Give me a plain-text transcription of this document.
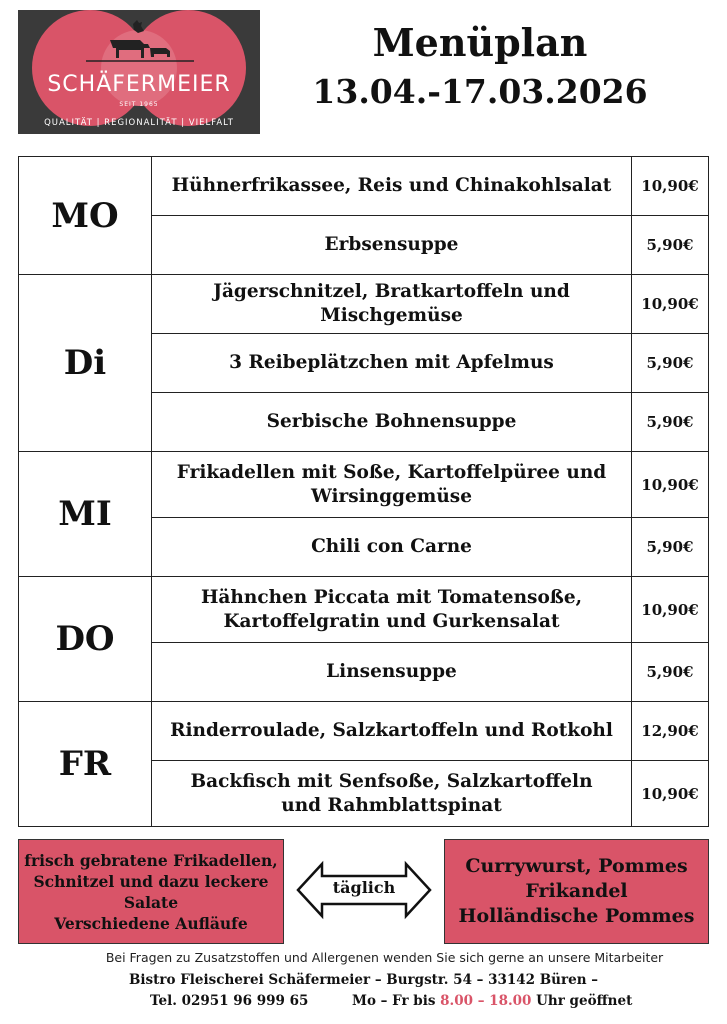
SCHÄFERMEIER
SEIT 1965
QUALITÄT | REGIONALITÄT | VIELFALT
Menüplan
13.04.-17.03.2026
MO	Hühnerfrikassee, Reis und Chinakohlsalat	10,90€
	Erbsensuppe	5,90€
Di	Jägerschnitzel, Bratkartoffeln und Mischgemüse	10,90€
	3 Reibeplätzchen mit Apfelmus	5,90€
	Serbische Bohnensuppe	5,90€
MI	Frikadellen mit Soße, Kartoffelpüree und Wirsinggemüse	10,90€
	Chili con Carne	5,90€
DO	Hähnchen Piccata mit Tomatensoße, Kartoffelgratin und Gurkensalat	10,90€
	Linsensuppe	5,90€
FR	Rinderroulade, Salzkartoffeln und Rotkohl	12,90€
	Backfisch mit Senfsoße, Salzkartoffeln und Rahmblattspinat	10,90€
frisch gebratene Frikadellen,
Schnitzel und dazu leckere
Salate
Verschiedene Aufläufe
täglich
Currywurst, Pommes
Frikandel
Holländische Pommes
Bei Fragen zu Zusatzstoffen und Allergenen wenden Sie sich gerne an unsere Mitarbeiter
Bistro Fleischerei Schäfermeier – Burgstr. 54 – 33142 Büren –
Tel. 02951 96 999 65	Mo – Fr bis 8.00 – 18.00 Uhr geöffnet
